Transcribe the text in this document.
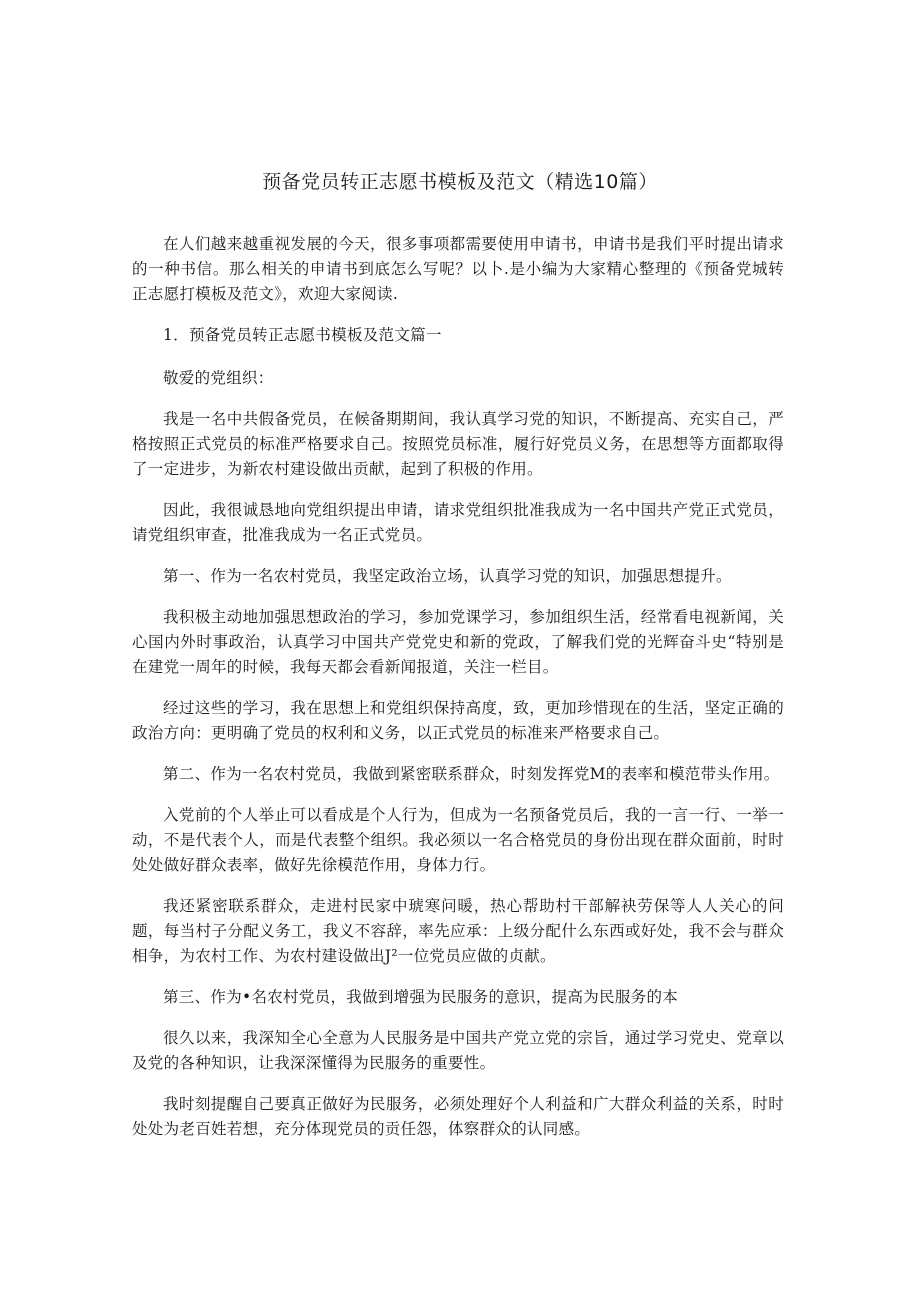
预备党员转正志愿书模板及范文（精选10篇）

在人们越来越重视发展的今天，很多事项都需要使用申请书，申请书是我们平时提出请求的一种书信。那么相关的申请书到底怎么写呢？以卜.是小编为大家精心整理的《预备党城转正志愿打模板及范文》，欢迎大家阅读.

1．预备党员转正志愿书模板及范文篇一

敬爱的党组织：

我是一名中共假备党员，在候备期期间，我认真学习党的知识，不断提高、充实自己，严格按照正式党员的标准严格要求自己。按照党员标准，履行好党员义务，在思想等方面都取得了一定进步，为新农村建设做出贡献，起到了积极的作用。

因此，我很诚恳地向党组织提出申请，请求党组织批准我成为一名中国共产党正式党员，请党组织审查，批准我成为一名正式党员。

第一、作为一名农村党员，我坚定政治立场，认真学习党的知识，加强思想提升。

我积极主动地加强思想政治的学习，参加党课学习，参加组织生活，经常看电视新闻，关心国内外时事政治，认真学习中国共产党党史和新的党政，了解我们党的光辉奋斗史“特别是在建党一周年的时候，我每天都会看新闻报道，关注一栏目。

经过这些的学习，我在思想上和党组织保持高度，致，更加珍惜现在的生活，坚定正确的政治方向：更明确了党员的权利和义务，以正式党员的标准来严格要求自己。

第二、作为一名农村党员，我做到紧密联系群众，时刻发挥党M的表率和模范带头作用。

入党前的个人举止可以看成是个人行为，但成为一名预备党员后，我的一言一行、一举一动，不是代表个人，而是代表整个组织。我必须以一名合格党员的身份出现在群众面前，时时处处做好群众表率，做好先徐模范作用，身体力行。

我还紧密联系群众，走进村民家中琥寒问暖，热心帮助村干部解袂劳保等人人关心的问题，每当村子分配义务工，我义不容辞，率先应承：上级分配什么东西或好处，我不会与群众相争，为农村工作、为农村建设做出J²一位党员应做的贞献。

第三、作为•名农村党员，我做到增强为民服务的意识，提高为民服务的本

很久以来，我深知全心全意为人民服务是中国共产党立党的宗旨，通过学习党史、党章以及党的各种知识，让我深深懂得为民服务的重要性。

我时刻提醒自己要真正做好为民服务，必须处理好个人利益和广大群众利益的关系，时时处处为老百姓若想，充分体现党员的贡任怨，体察群众的认同感。
